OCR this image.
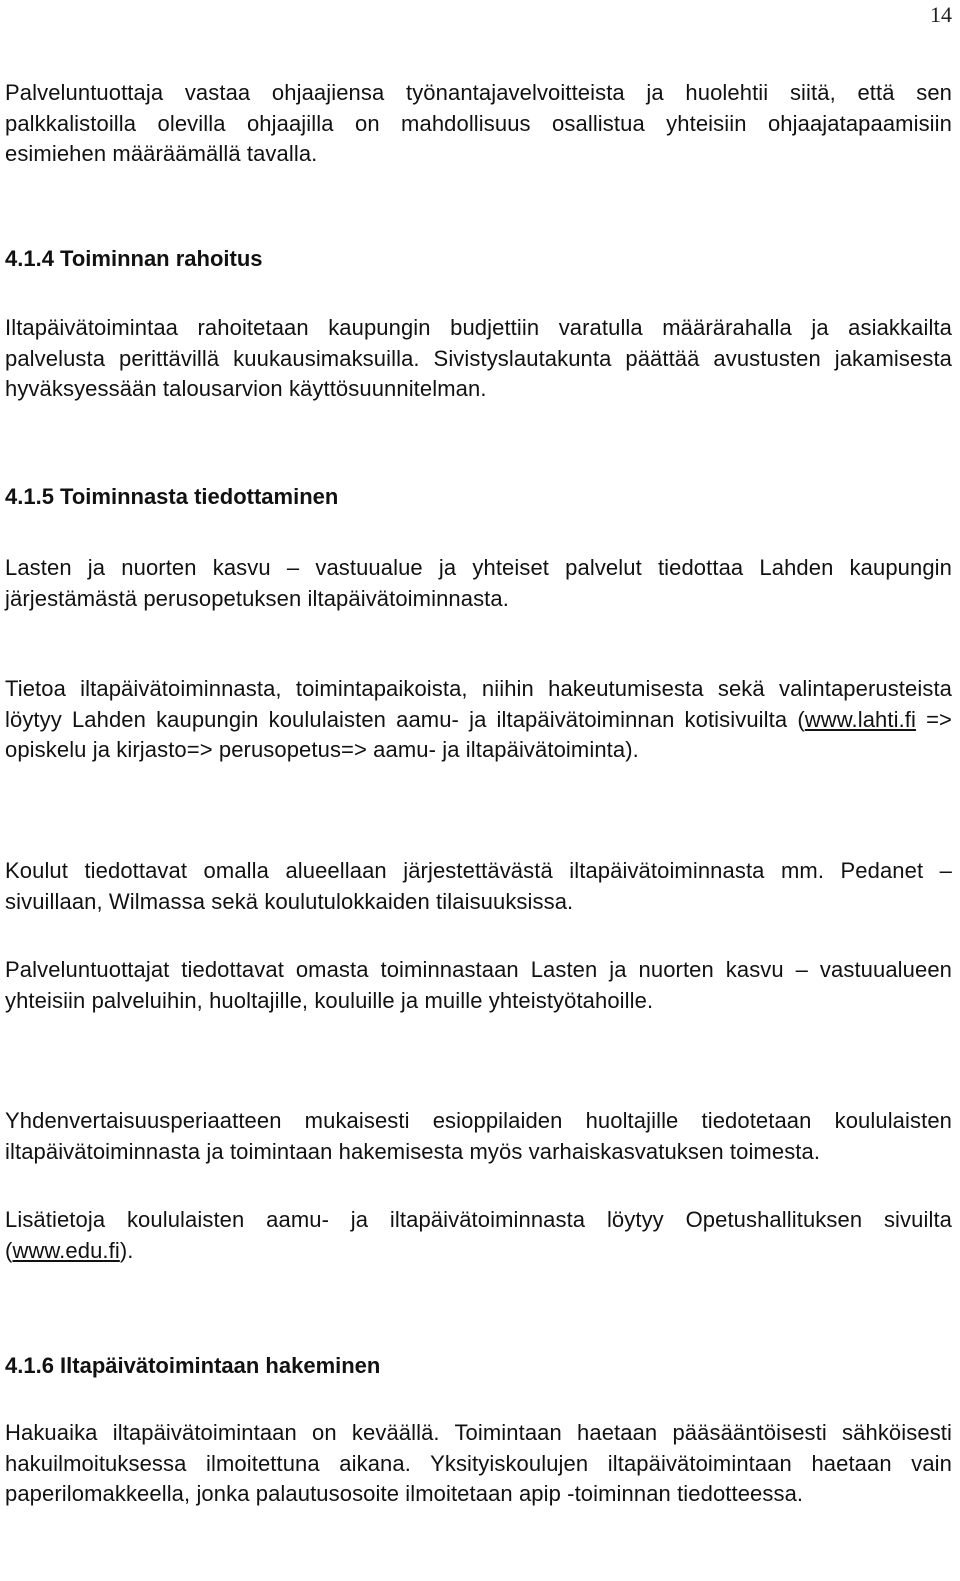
14
Palveluntuottaja vastaa ohjaajiensa työnantajavelvoitteista ja huolehtii siitä, että sen palkkalistoilla olevilla ohjaajilla on mahdollisuus osallistua yhteisiin ohjaajatapaamisiin esimiehen määräämällä tavalla.
4.1.4 Toiminnan rahoitus
Iltapäivätoimintaa rahoitetaan kaupungin budjettiin varatulla määrärahalla ja asiakkailta palvelusta perittävillä kuukausimaksuilla. Sivistyslautakunta päättää avustusten jakamisesta hyväksyessään talousarvion käyttösuunnitelman.
4.1.5 Toiminnasta tiedottaminen
Lasten ja nuorten kasvu – vastuualue ja yhteiset palvelut tiedottaa Lahden kaupungin järjestämästä perusopetuksen iltapäivätoiminnasta.
Tietoa iltapäivätoiminnasta, toimintapaikoista, niihin hakeutumisesta sekä valintaperusteista löytyy Lahden kaupungin koululaisten aamu- ja iltapäivätoiminnan kotisivuilta (www.lahti.fi => opiskelu ja kirjasto=> perusopetus=> aamu- ja iltapäivätoiminta).
Koulut tiedottavat omalla alueellaan järjestettävästä iltapäivätoiminnasta mm. Pedanet –sivuillaan, Wilmassa sekä koulutulokkaiden tilaisuuksissa.
Palveluntuottajat tiedottavat omasta toiminnastaan Lasten ja nuorten kasvu – vastuualueen yhteisiin palveluihin, huoltajille, kouluille ja muille yhteistyötahoille.
Yhdenvertaisuusperiaatteen mukaisesti esioppilaiden huoltajille tiedotetaan koululaisten iltapäivätoiminnasta ja toimintaan hakemisesta myös varhaiskasvatuksen toimesta.
Lisätietoja koululaisten aamu- ja iltapäivätoiminnasta löytyy Opetushallituksen sivuilta (www.edu.fi).
4.1.6 Iltapäivätoimintaan hakeminen
Hakuaika iltapäivätoimintaan on keväällä. Toimintaan haetaan pääsääntöisesti sähköisesti hakuilmoituksessa ilmoitettuna aikana. Yksityiskoulujen iltapäivätoimintaan haetaan vain paperilomakkeella, jonka palautusosoite ilmoitetaan apip -toiminnan tiedotteessa.
